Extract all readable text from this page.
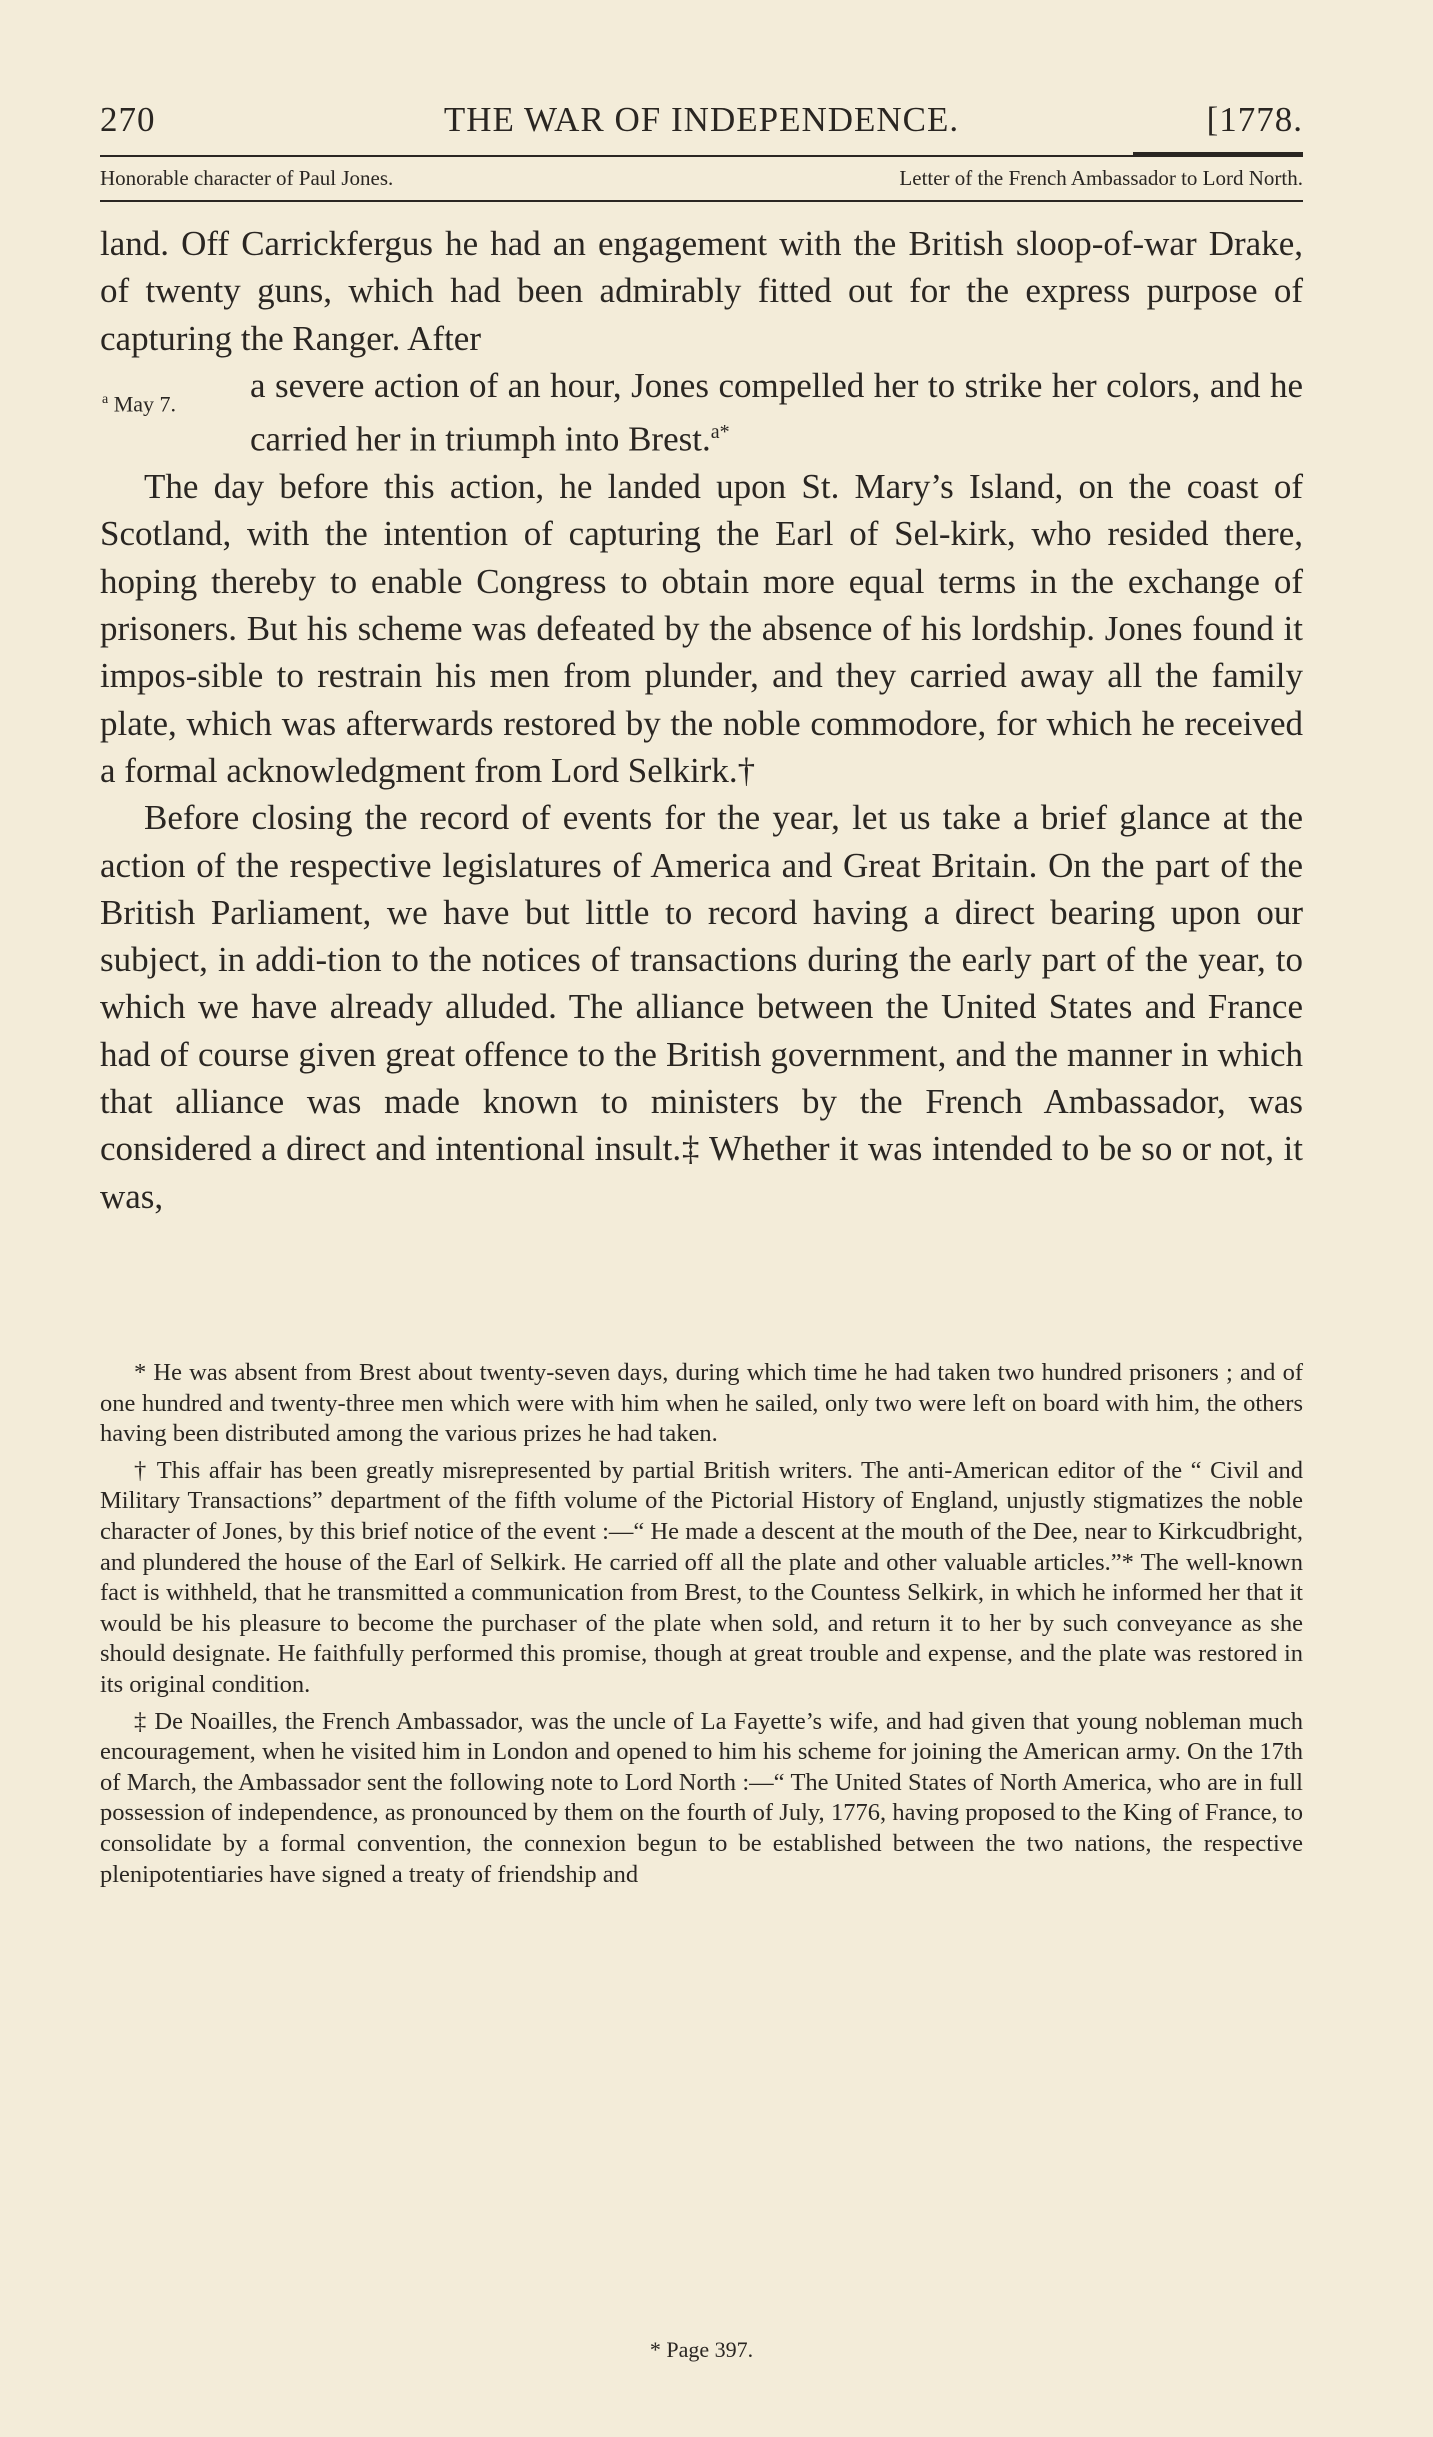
270	THE WAR OF INDEPENDENCE.	[1778.
Honorable character of Paul Jones.	Letter of the French Ambassador to Lord North.

land. Off Carrickfergus he had an engagement with the British sloop-of-war Drake, of twenty guns, which had been admirably fitted out for the express purpose of capturing the Ranger. After

$^a$ May 7. a severe action of an hour, Jones compelled her to strike her colors, and he carried her in triumph into Brest.$^{a*}$

The day before this action, he landed upon St. Mary’s Island, on the coast of Scotland, with the intention of capturing the Earl of Sel-kirk, who resided there, hoping thereby to enable Congress to obtain more equal terms in the exchange of prisoners. But his scheme was defeated by the absence of his lordship. Jones found it impos-sible to restrain his men from plunder, and they carried away all the family plate, which was afterwards restored by the noble commodore, for which he received a formal acknowledgment from Lord Selkirk.†

Before closing the record of events for the year, let us take a brief glance at the action of the respective legislatures of America and Great Britain. On the part of the British Parliament, we have but little to record having a direct bearing upon our subject, in addi-tion to the notices of transactions during the early part of the year, to which we have already alluded. The alliance between the United States and France had of course given great offence to the British government, and the manner in which that alliance was made known to ministers by the French Ambassador, was considered a direct and intentional insult.‡ Whether it was intended to be so or not, it was,

* He was absent from Brest about twenty-seven days, during which time he had taken two hundred prisoners ; and of one hundred and twenty-three men which were with him when he sailed, only two were left on board with him, the others having been distributed among the various prizes he had taken.

† This affair has been greatly misrepresented by partial British writers. The anti-American editor of the “ Civil and Military Transactions” department of the fifth volume of the Pictorial History of England, unjustly stigmatizes the noble character of Jones, by this brief notice of the event :—“ He made a descent at the mouth of the Dee, near to Kirkcudbright, and plundered the house of the Earl of Selkirk. He carried off all the plate and other valuable articles.”* The well-known fact is withheld, that he transmitted a communication from Brest, to the Countess Selkirk, in which he informed her that it would be his pleasure to become the purchaser of the plate when sold, and return it to her by such conveyance as she should designate. He faithfully performed this promise, though at great trouble and expense, and the plate was restored in its original condition.

‡ De Noailles, the French Ambassador, was the uncle of La Fayette’s wife, and had given that young nobleman much encouragement, when he visited him in London and opened to him his scheme for joining the American army. On the 17th of March, the Ambassador sent the following note to Lord North :—“ The United States of North America, who are in full possession of independence, as pronounced by them on the fourth of July, 1776, having proposed to the King of France, to consolidate by a formal convention, the connexion begun to be established between the two nations, the respective plenipotentiaries have signed a treaty of friendship and

* Page 397.
